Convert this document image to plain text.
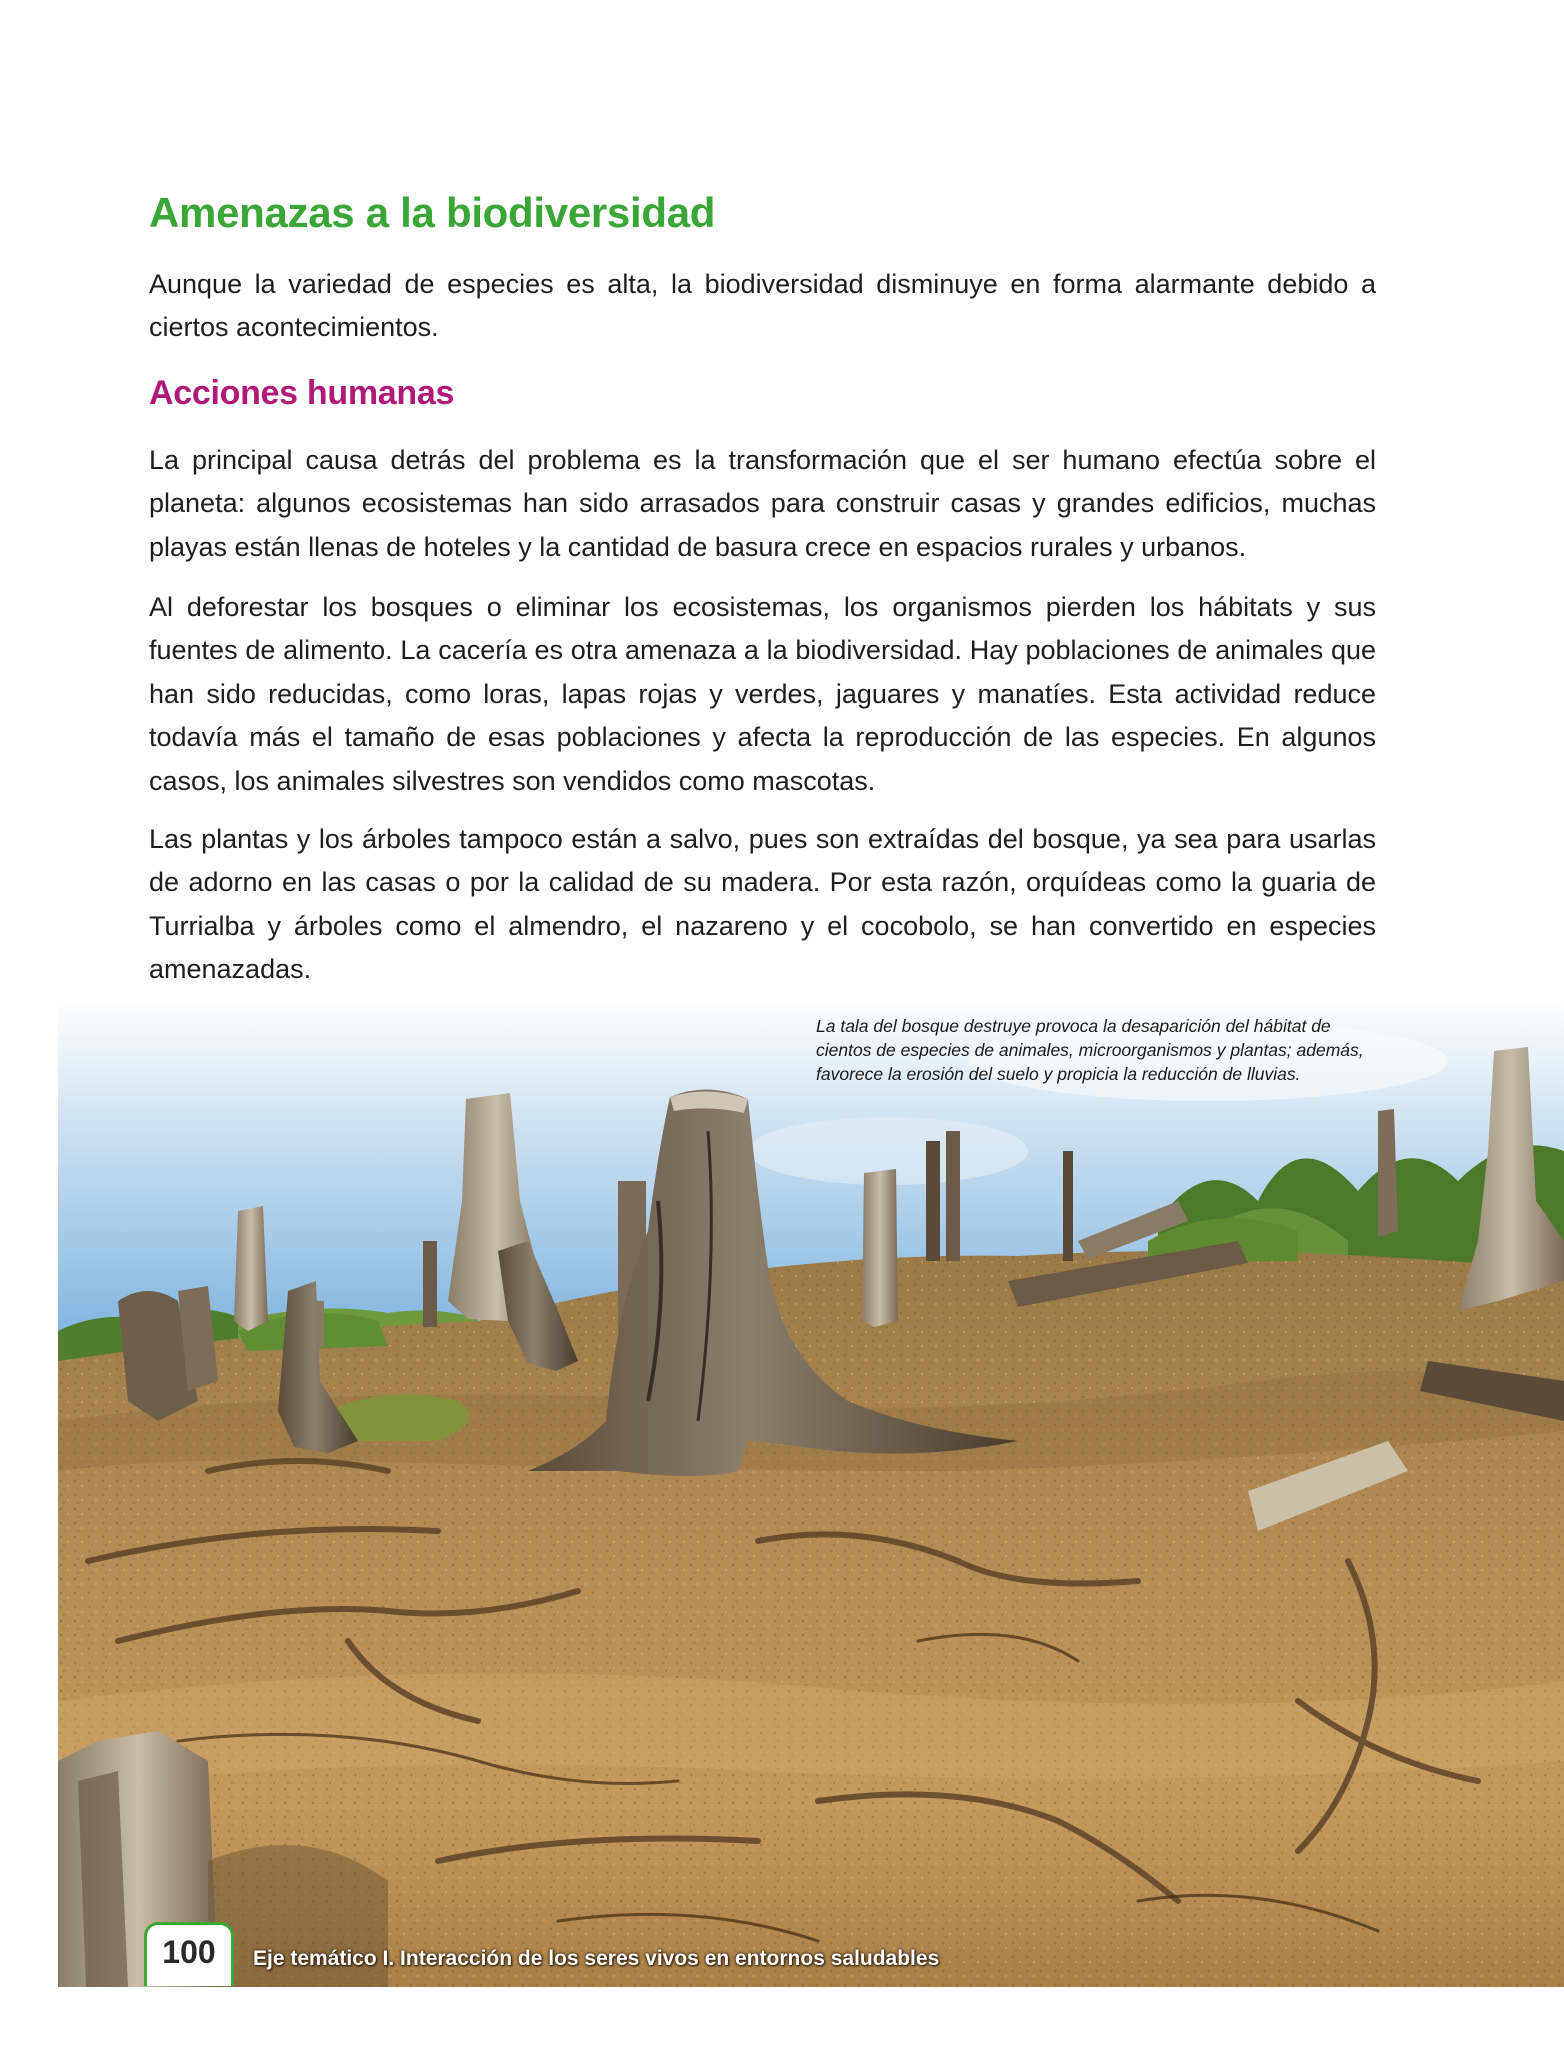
Amenazas a la biodiversidad

Aunque la variedad de especies es alta, la biodiversidad disminuye en forma alarmante debido a ciertos acontecimientos.

Acciones humanas

La principal causa detrás del problema es la transformación que el ser humano efectúa sobre el planeta: algunos ecosistemas han sido arrasados para construir casas y grandes edificios, muchas playas están llenas de hoteles y la cantidad de basura crece en espacios rurales y urbanos.

Al deforestar los bosques o eliminar los ecosistemas, los organismos pierden los hábitats y sus fuentes de alimento. La cacería es otra amenaza a la biodiversidad. Hay poblaciones de animales que han sido reducidas, como loras, lapas rojas y verdes, jaguares y manatíes. Esta actividad reduce todavía más el tamaño de esas poblaciones y afecta la reproducción de las especies. En algunos casos, los animales silvestres son vendidos como mascotas.

Las plantas y los árboles tampoco están a salvo, pues son extraídas del bosque, ya sea para usarlas de adorno en las casas o por la calidad de su madera. Por esta razón, orquídeas como la guaria de Turrialba y árboles como el almendro, el nazareno y el cocobolo, se han convertido en especies amenazadas.

La tala del bosque destruye provoca la desaparición del hábitat de cientos de especies de animales, microorganismos y plantas; además, favorece la erosión del suelo y propicia la reducción de lluvias.

100	Eje temático I. Interacción de los seres vivos en entornos saludables
